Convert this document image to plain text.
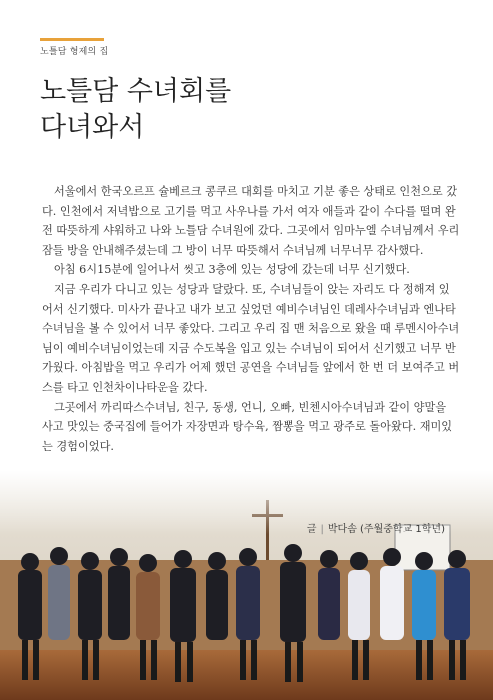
노틀담 형제의 집
노틀담 수녀회를
다녀와서

서울에서 한국오르프 슐베르크 콩쿠르 대회를 마치고 기분 좋은 상태로 인천으로 갔다. 인천에서 저녁밥으로 고기를 먹고 사우나를 가서 여자 애들과 같이 수다를 떨며 완전 따뜻하게 샤워하고 나와 노틀담 수녀원에 갔다. 그곳에서 임마누엘 수녀님께서 우리 잠들 방을 안내해주셨는데 그 방이 너무 따뜻해서 수녀님께 너무너무 감사했다.

아침 6시15분에 일어나서 씻고 3층에 있는 성당에 갔는데 너무 신기했다.

지금 우리가 다니고 있는 성당과 달랐다. 또, 수녀님들이 앉는 자리도 다 정해져 있어서 신기했다. 미사가 끝나고 내가 보고 싶었던 예비수녀님인 데레사수녀님과 엔나타수녀님을 볼 수 있어서 너무 좋았다. 그리고 우리 집 맨 처음으로 왔을 때 루멘시아수녀님이 예비수녀님이었는데 지금 수도복을 입고 있는 수녀님이 되어서 신기했고 너무 반가웠다. 아침밥을 먹고 우리가 어제 했던 공연을 수녀님들 앞에서 한 번 더 보여주고 버스를 타고 인천차이나타운을 갔다.

그곳에서 까리따스수녀님, 친구, 동생, 언니, 오빠, 빈첸시아수녀님과 같이 양말을 사고 맛있는 중국집에 들어가 자장면과 탕수육, 짬뽕을 먹고 광주로 돌아왔다. 재미있는 경험이었다.

글 | 박다솜 (주월중학교 1학년)
